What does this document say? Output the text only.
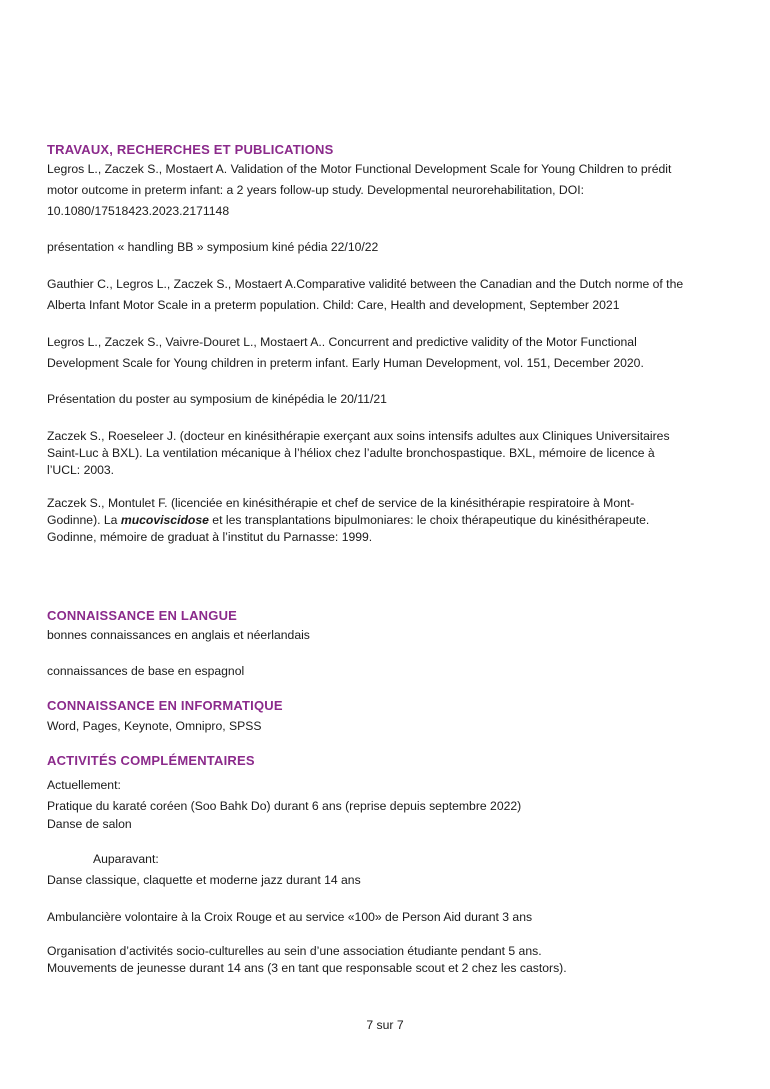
TRAVAUX, RECHERCHES ET PUBLICATIONS
Legros L., Zaczek S., Mostaert A. Validation of the Motor Functional Development Scale for Young Children to prédit
motor outcome in preterm infant: a 2 years follow-up study. Developmental neurorehabilitation, DOI:
10.1080/17518423.2023.2171148
présentation « handling BB » symposium kiné pédia 22/10/22
Gauthier C., Legros L., Zaczek S., Mostaert A.Comparative validité between the Canadian and the Dutch norme of the
Alberta Infant Motor Scale in a preterm population. Child: Care, Health and development, September 2021
Legros L., Zaczek S., Vaivre-Douret L., Mostaert A.. Concurrent and predictive validity of the Motor Functional
Development Scale for Young children in preterm infant. Early Human Development, vol. 151, December 2020.
Présentation du poster au symposium de kinépédia le 20/11/21
Zaczek S., Roeseleer J. (docteur en kinésithérapie exerçant aux soins intensifs adultes aux Cliniques Universitaires
Saint-Luc à BXL). La ventilation mécanique à l’héliox chez l’adulte bronchospastique. BXL, mémoire de licence à
l’UCL: 2003.
Zaczek S., Montulet F. (licenciée en kinésithérapie et chef de service de la kinésithérapie respiratoire à Mont-
Godinne). La mucoviscidose et les transplantations bipulmoniares: le choix thérapeutique du kinésithérapeute.
Godinne, mémoire de graduat à l’institut du Parnasse: 1999.
CONNAISSANCE EN LANGUE
bonnes connaissances en anglais et néerlandais
connaissances de base en espagnol
CONNAISSANCE EN INFORMATIQUE
Word, Pages, Keynote, Omnipro, SPSS
ACTIVITÉS COMPLÉMENTAIRES
Actuellement:
Pratique du karaté coréen (Soo Bahk Do) durant 6 ans (reprise depuis septembre 2022)
Danse de salon
Auparavant:
Danse classique, claquette et moderne jazz durant 14 ans
Ambulancière volontaire à la Croix Rouge et au service «100» de Person Aid durant 3 ans
Organisation d’activités socio-culturelles au sein d’une association étudiante pendant 5 ans.
Mouvements de jeunesse durant 14 ans (3 en tant que responsable scout et 2 chez les castors).
7 sur 7
